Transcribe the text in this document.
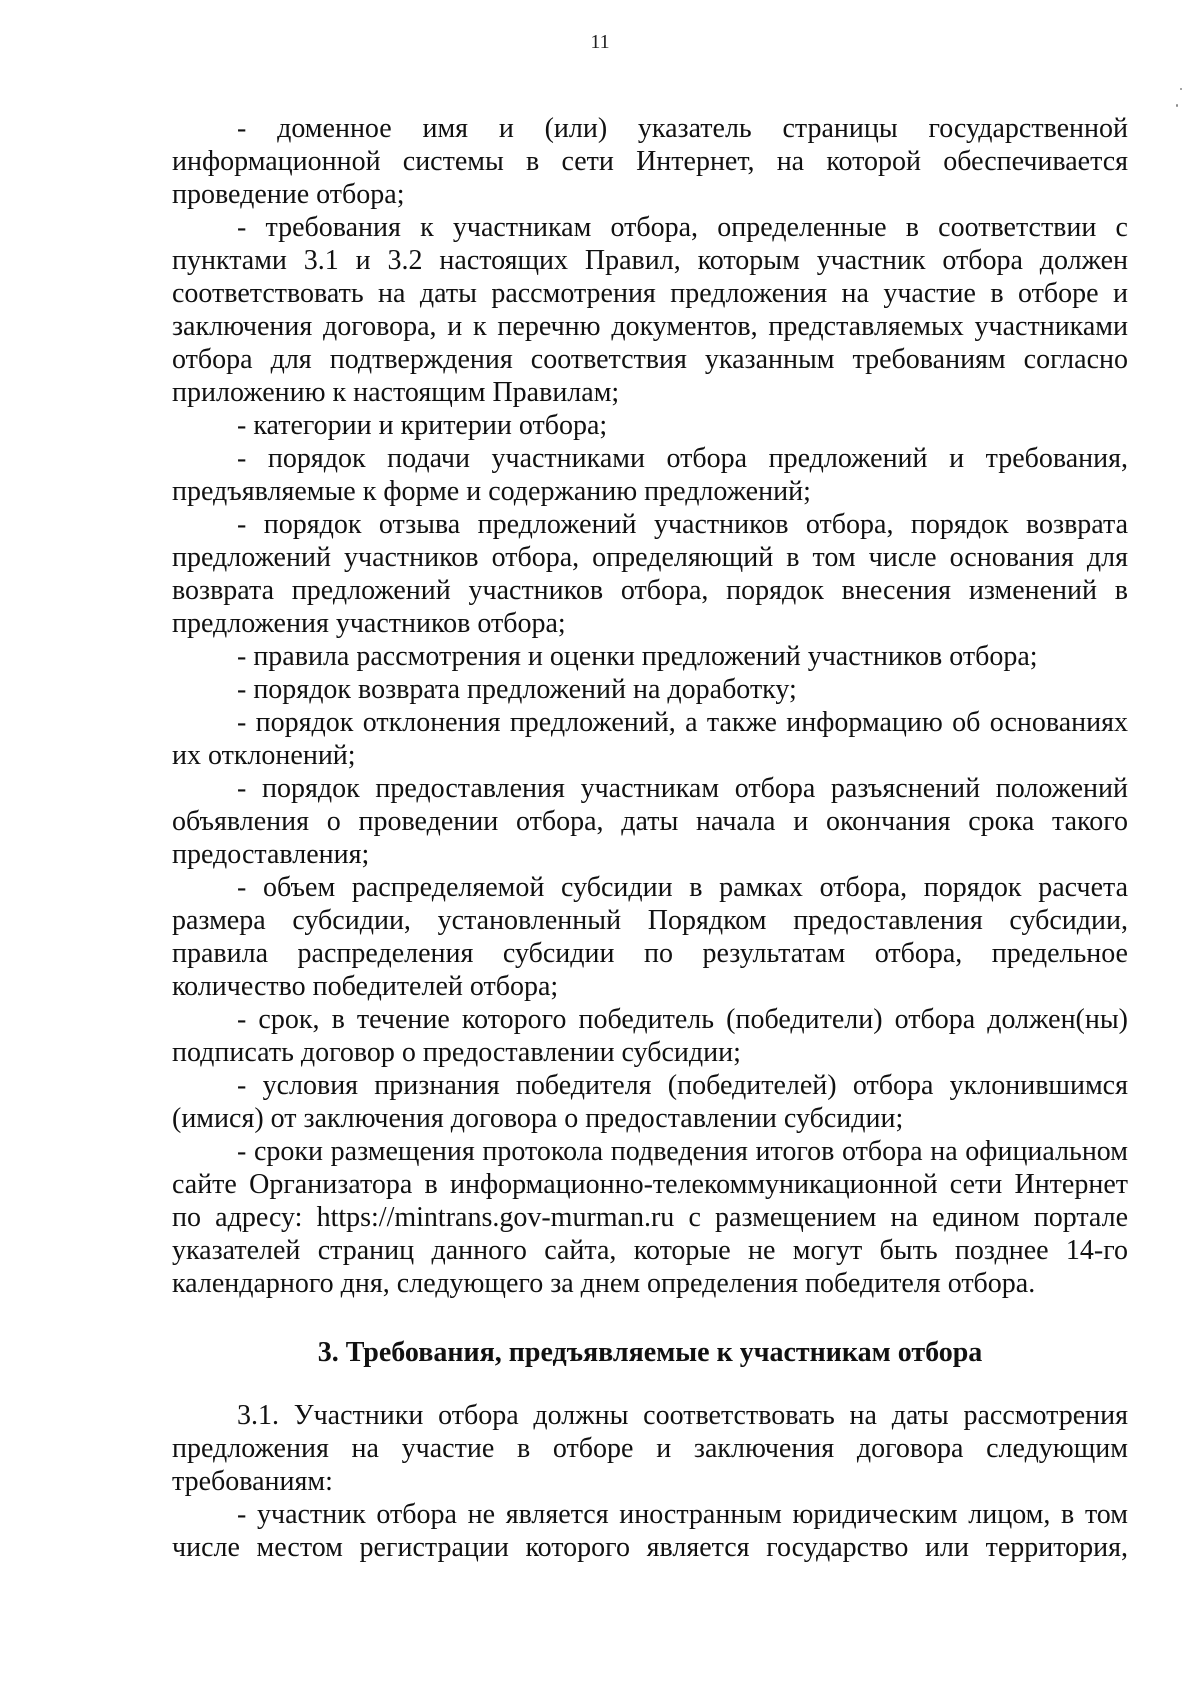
11

- доменное имя и (или) указатель страницы государственной информационной системы в сети Интернет, на которой обеспечивается проведение отбора;

- требования к участникам отбора, определенные в соответствии с пунктами 3.1 и 3.2 настоящих Правил, которым участник отбора должен соответствовать на даты рассмотрения предложения на участие в отборе и заключения договора, и к перечню документов, представляемых участниками отбора для подтверждения соответствия указанным требованиям согласно приложению к настоящим Правилам;

- категории и критерии отбора;

- порядок подачи участниками отбора предложений и требования, предъявляемые к форме и содержанию предложений;

- порядок отзыва предложений участников отбора, порядок возврата предложений участников отбора, определяющий в том числе основания для возврата предложений участников отбора, порядок внесения изменений в предложения участников отбора;

- правила рассмотрения и оценки предложений участников отбора;

- порядок возврата предложений на доработку;

- порядок отклонения предложений, а также информацию об основаниях их отклонений;

- порядок предоставления участникам отбора разъяснений положений объявления о проведении отбора, даты начала и окончания срока такого предоставления;

- объем распределяемой субсидии в рамках отбора, порядок расчета размера субсидии, установленный Порядком предоставления субсидии, правила распределения субсидии по результатам отбора, предельное количество победителей отбора;

- срок, в течение которого победитель (победители) отбора должен(ны) подписать договор о предоставлении субсидии;

- условия признания победителя (победителей) отбора уклонившимся (имися) от заключения договора о предоставлении субсидии;

- сроки размещения протокола подведения итогов отбора на официальном сайте Организатора в информационно-телекоммуникационной сети Интернет по адресу: https://mintrans.gov-murman.ru с размещением на едином портале указателей страниц данного сайта, которые не могут быть позднее 14-го календарного дня, следующего за днем определения победителя отбора.

3. Требования, предъявляемые к участникам отбора

3.1. Участники отбора должны соответствовать на даты рассмотрения предложения на участие в отборе и заключения договора следующим требованиям:

- участник отбора не является иностранным юридическим лицом, в том числе местом регистрации которого является государство или территория,
